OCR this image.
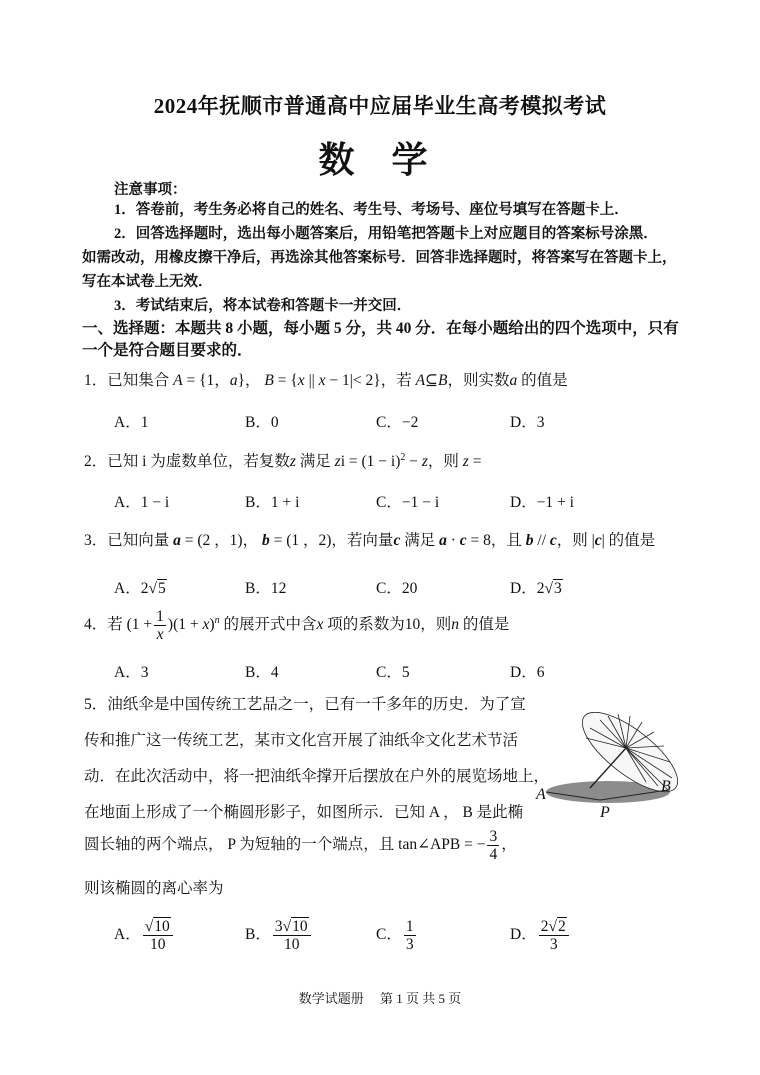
2024年抚顺市普通高中应届毕业生高考模拟考试
数 学
注意事项：
1．答卷前，考生务必将自己的姓名、考生号、考场号、座位号填写在答题卡上．
2．回答选择题时，选出每小题答案后，用铅笔把答题卡上对应题目的答案标号涂黑．
如需改动，用橡皮擦干净后，再选涂其他答案标号．回答非选择题时，将答案写在答题卡上，
写在本试卷上无效．
3．考试结束后，将本试卷和答题卡一并交回．
一、选择题：本题共 8 小题，每小题 5 分，共 40 分．在每小题给出的四个选项中，只有
一个是符合题目要求的．
1．已知集合 A = {1，a}， B = {x || x − 1|< 2}，若 A⊆B，则实数a 的值是
A．1	B．0	C．−2	D．3
2．已知 i 为虚数单位，若复数z 满足 zi = $(1 - i)^2 - z$，则 z =
A．1 − i	B．1 + i	C．−1 − i	D．−1 + i
3．已知向量 a = (2 ，1)， b = (1 ，2)，若向量c 满足 a · c = 8，且 b // c，则 |c| 的值是
A．2√5	B．12	C．20	D．2√3
4．若 $(1 + \frac{1}{x} )(1 + x)^n$ 的展开式中含x 项的系数为10，则n 的值是
A．3	B．4	C．5	D．6
5．油纸伞是中国传统工艺品之一，已有一千多年的历史．为了宣
传和推广这一传统工艺，某市文化宫开展了油纸伞文化艺术节活
动．在此次活动中，将一把油纸伞撑开后摆放在户外的展览场地上，
在地面上形成了一个椭圆形影子，如图所示．已知 A ， B 是此椭
圆长轴的两个端点， P 为短轴的一个端点，且 tan∠APB = − $\frac{3}{4}$ ，
则该椭圆的离心率为
A	B
P
A． $\frac{√10}{10}$	B． $\frac{3√10}{10}$	C． $\frac{1}{3}$	D． $\frac{2√2}{3}$
数学试题册　 第 1 页 共 5 页
